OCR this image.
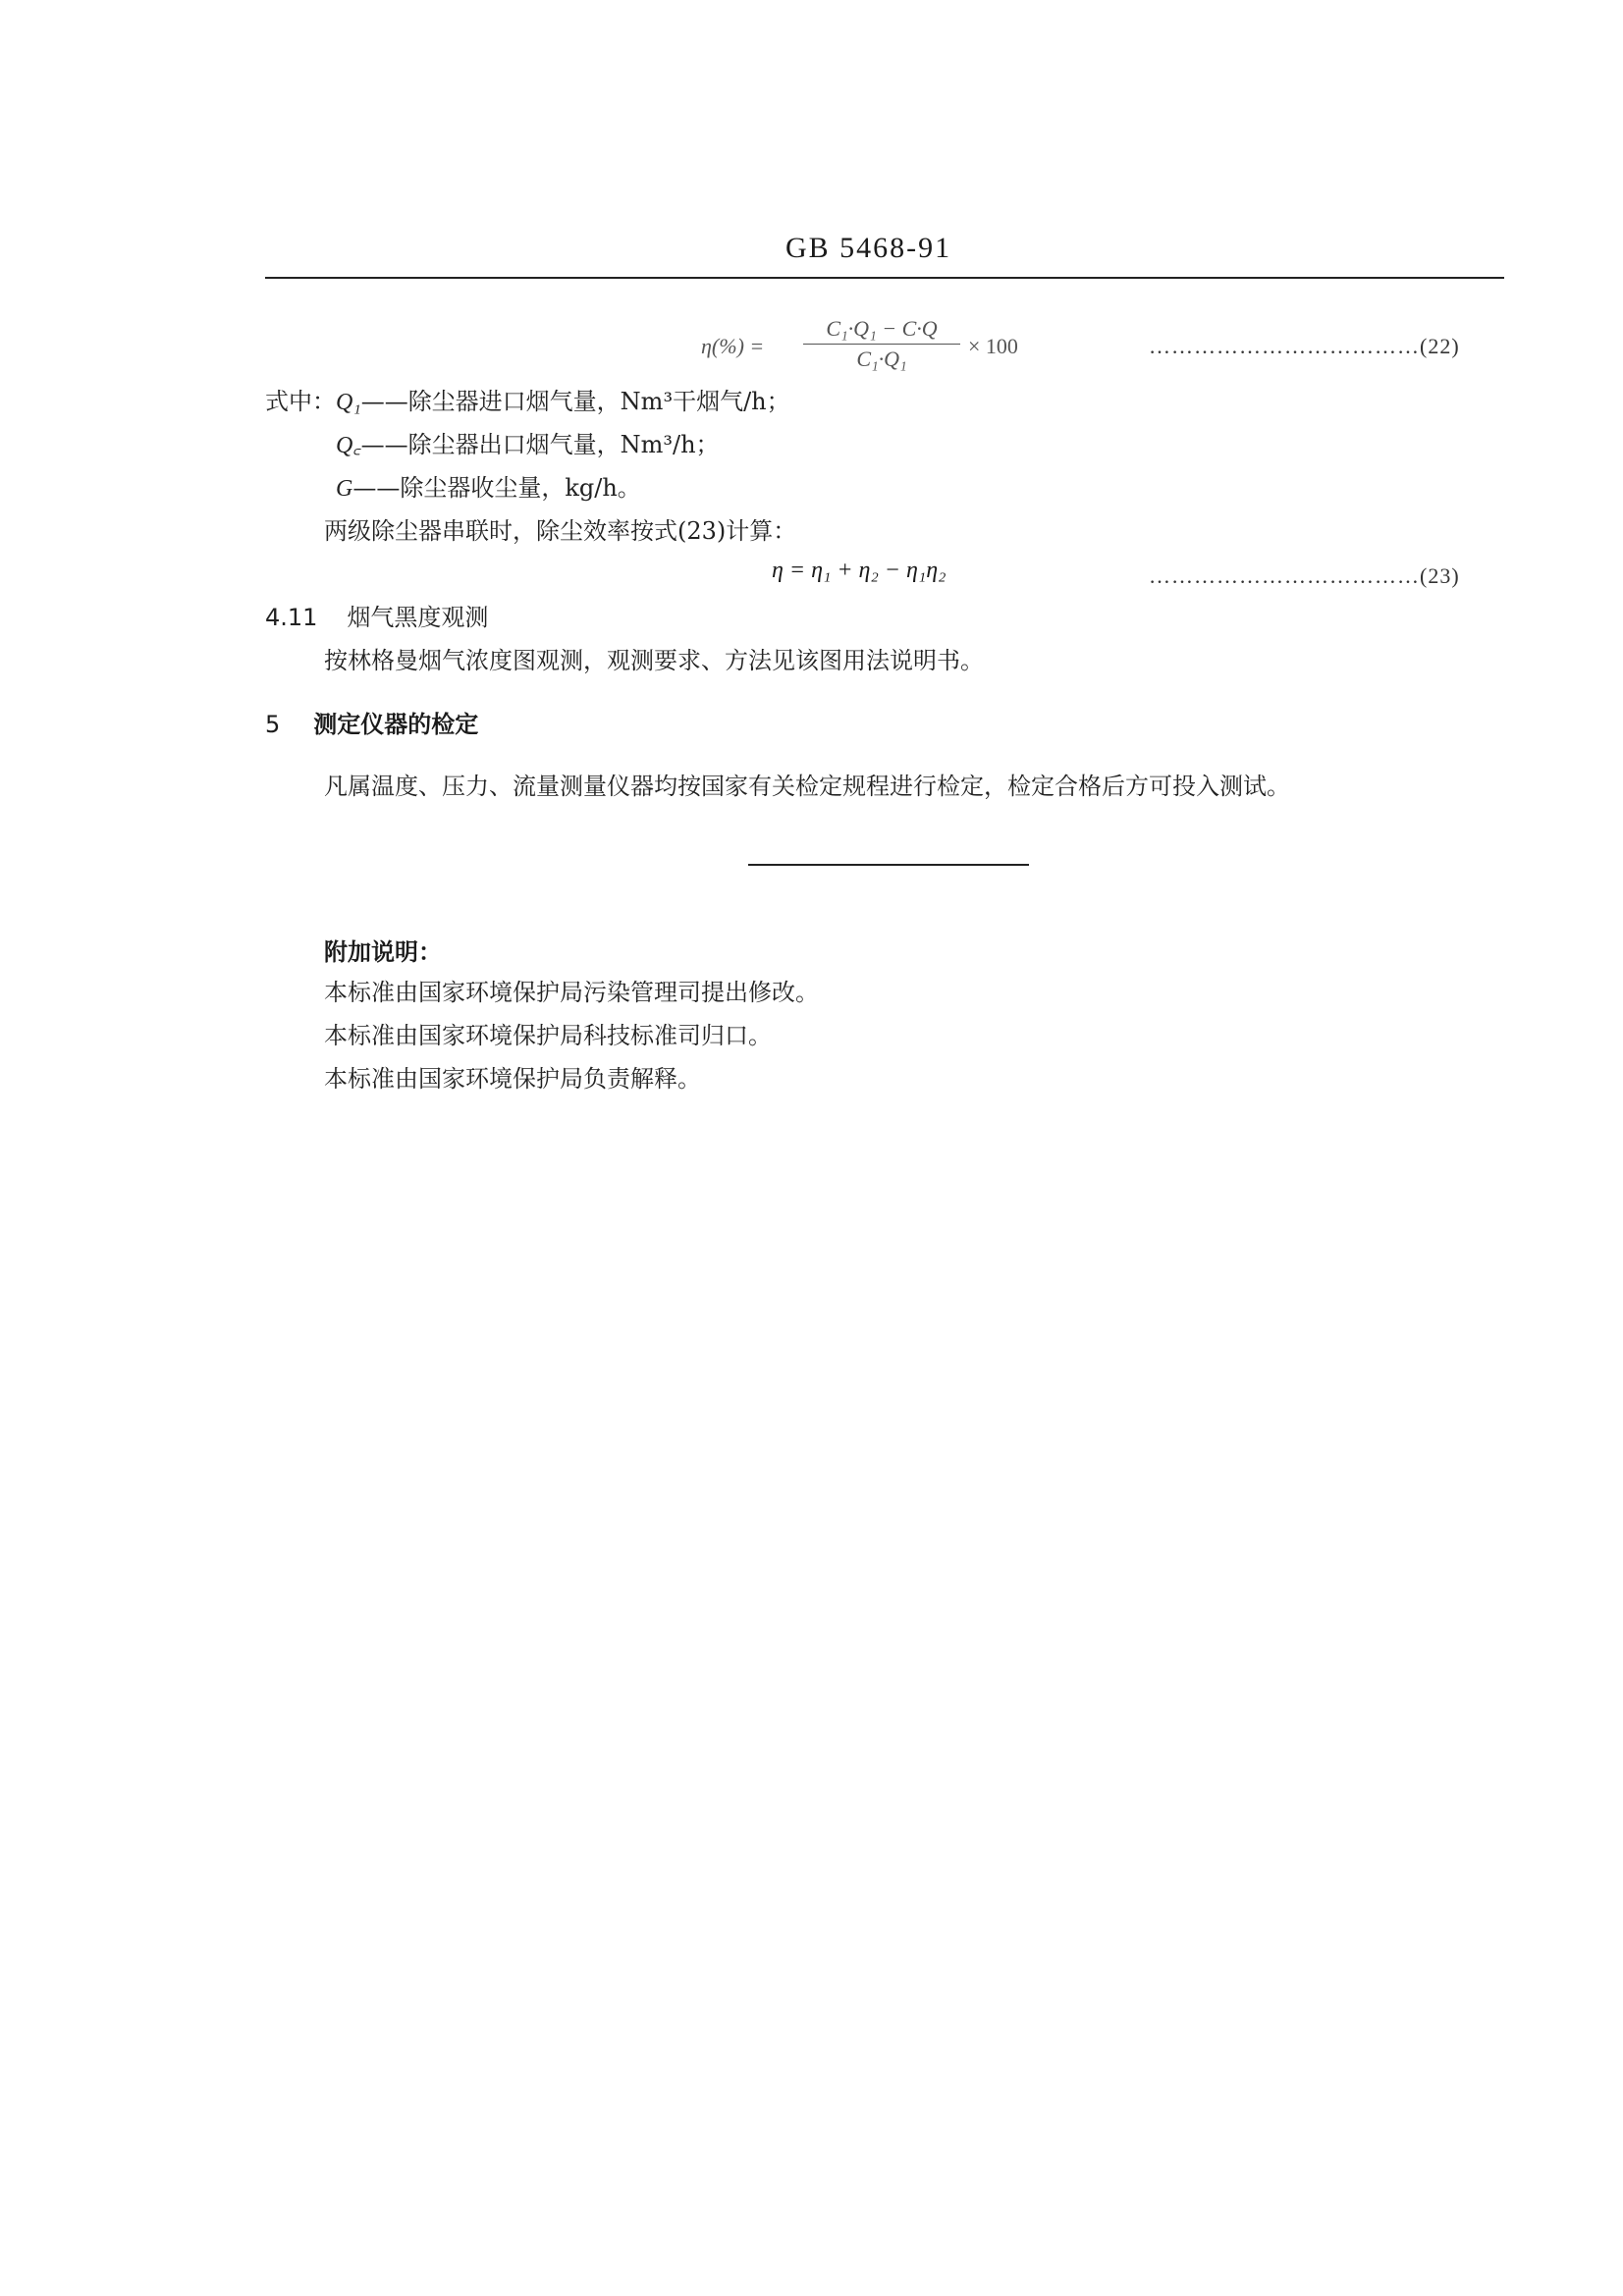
GB 5468-91
η(%) =
C₁·Q₁ − C·Q
C₁·Q₁
× 100	………………………………(22)
式中：Q₁——除尘器进口烟气量，Nm³干烟气/h；
Q꜀——除尘器出口烟气量，Nm³/h；
G——除尘器收尘量，kg/h。
两级除尘器串联时，除尘效率按式(23)计算：
η = η₁ + η₂ − η₁η₂	………………………………(23)
4.11 烟气黑度观测
按林格曼烟气浓度图观测，观测要求、方法见该图用法说明书。
5 测定仪器的检定
凡属温度、压力、流量测量仪器均按国家有关检定规程进行检定，检定合格后方可投入测试。
附加说明：
本标准由国家环境保护局污染管理司提出修改。
本标准由国家环境保护局科技标准司归口。
本标准由国家环境保护局负责解释。
